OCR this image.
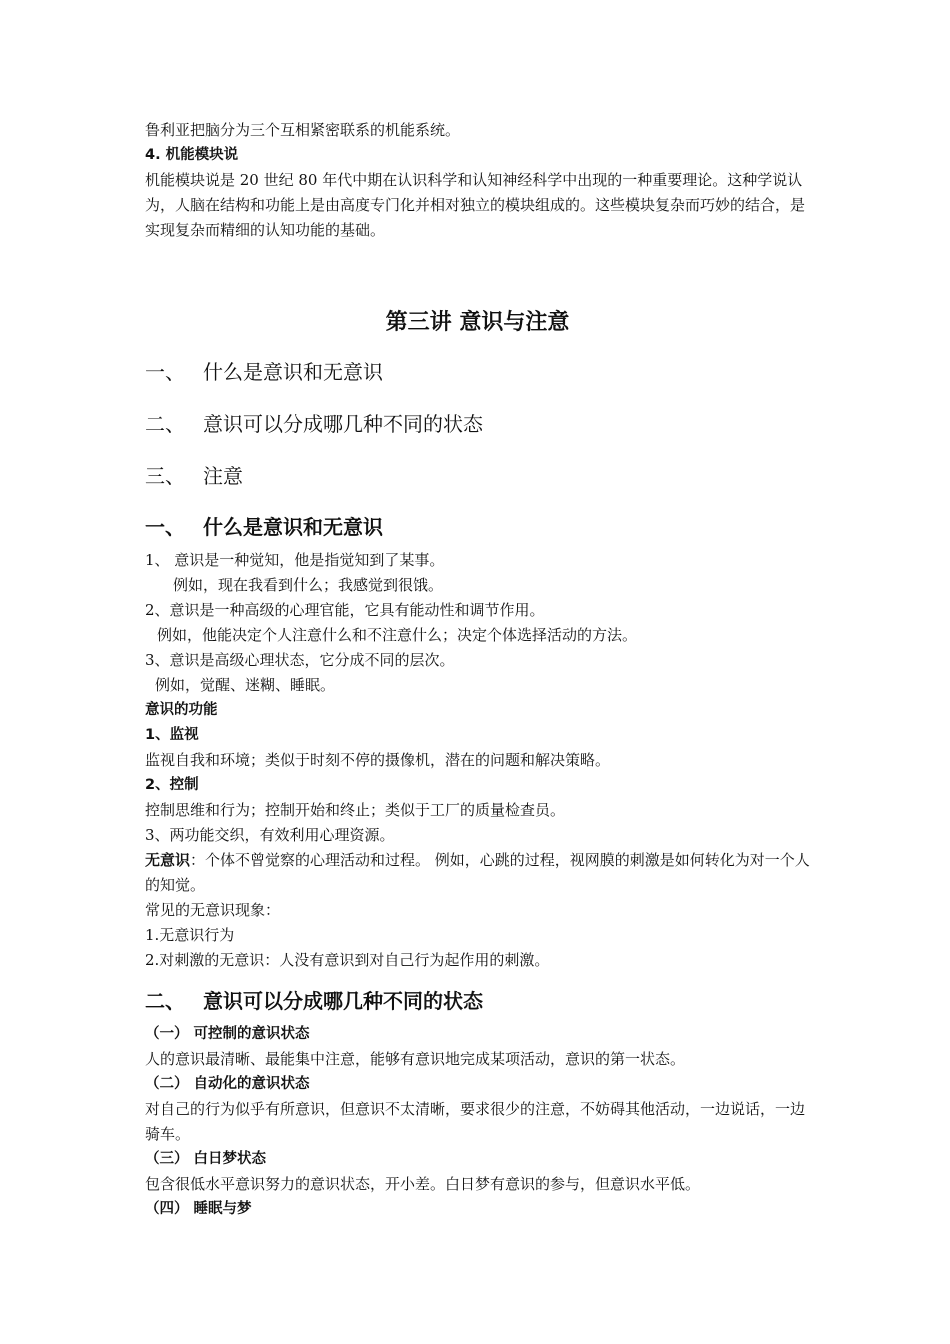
鲁利亚把脑分为三个互相紧密联系的机能系统。

4. 机能模块说

机能模块说是 20 世纪 80 年代中期在认识科学和认知神经科学中出现的一种重要理论。这种学说认为，人脑在结构和功能上是由高度专门化并相对独立的模块组成的。这些模块复杂而巧妙的结合，是实现复杂而精细的认知功能的基础。

第三讲 意识与注意

一、 什么是意识和无意识
二、 意识可以分成哪几种不同的状态
三、 注意
一、 什么是意识和无意识

1、 意识是一种觉知，他是指觉知到了某事。

例如，现在我看到什么；我感觉到很饿。

2、意识是一种高级的心理官能，它具有能动性和调节作用。

例如，他能决定个人注意什么和不注意什么；决定个体选择活动的方法。

3、意识是高级心理状态，它分成不同的层次。

例如，觉醒、迷糊、睡眠。

意识的功能

1、监视

监视自我和环境；类似于时刻不停的摄像机，潜在的问题和解决策略。

2、控制

控制思维和行为；控制开始和终止；类似于工厂的质量检查员。

3、两功能交织，有效利用心理资源。

无意识：个体不曾觉察的心理活动和过程。 例如，心跳的过程，视网膜的刺激是如何转化为对一个人的知觉。

常见的无意识现象：

1.无意识行为

2.对刺激的无意识：人没有意识到对自己行为起作用的刺激。

二、 意识可以分成哪几种不同的状态

（一） 可控制的意识状态

人的意识最清晰、最能集中注意，能够有意识地完成某项活动，意识的第一状态。

（二） 自动化的意识状态

对自己的行为似乎有所意识，但意识不太清晰，要求很少的注意，不妨碍其他活动，一边说话，一边骑车。

（三） 白日梦状态

包含很低水平意识努力的意识状态，开小差。白日梦有意识的参与，但意识水平低。

（四） 睡眠与梦
